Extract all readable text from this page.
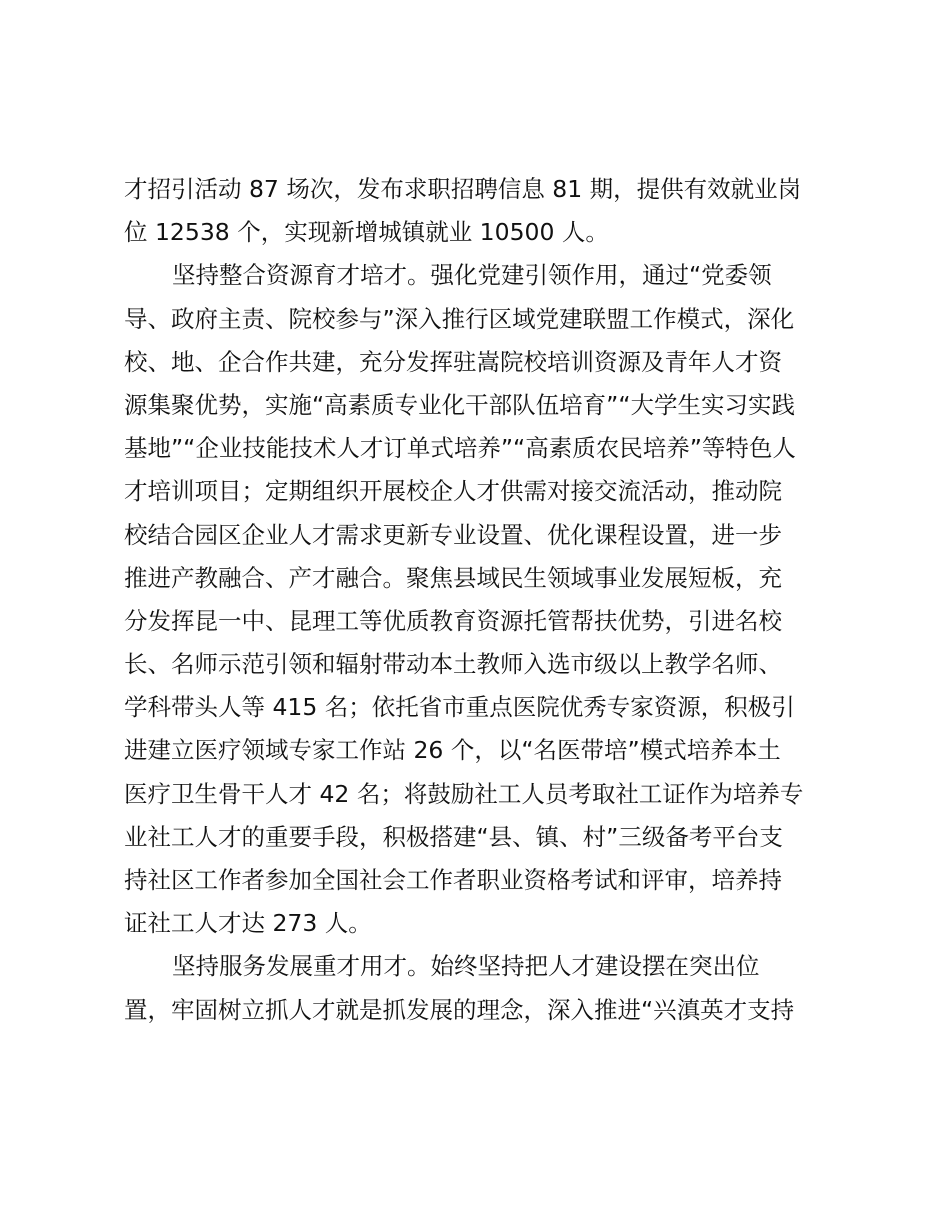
才招引活动 87 场次，发布求职招聘信息 81 期，提供有效就业岗
位 12538 个，实现新增城镇就业 10500 人。
坚持整合资源育才培才。强化党建引领作用，通过“党委领
导、政府主责、院校参与”深入推行区域党建联盟工作模式，深化
校、地、企合作共建，充分发挥驻嵩院校培训资源及青年人才资
源集聚优势，实施“高素质专业化干部队伍培育”“大学生实习实践
基地”“企业技能技术人才订单式培养”“高素质农民培养”等特色人
才培训项目；定期组织开展校企人才供需对接交流活动，推动院
校结合园区企业人才需求更新专业设置、优化课程设置，进一步
推进产教融合、产才融合。聚焦县域民生领域事业发展短板，充
分发挥昆一中、昆理工等优质教育资源托管帮扶优势，引进名校
长、名师示范引领和辐射带动本土教师入选市级以上教学名师、
学科带头人等 415 名；依托省市重点医院优秀专家资源，积极引
进建立医疗领域专家工作站 26 个，以“名医带培”模式培养本土
医疗卫生骨干人才 42 名；将鼓励社工人员考取社工证作为培养专
业社工人才的重要手段，积极搭建“县、镇、村”三级备考平台支
持社区工作者参加全国社会工作者职业资格考试和评审，培养持
证社工人才达 273 人。
坚持服务发展重才用才。始终坚持把人才建设摆在突出位
置，牢固树立抓人才就是抓发展的理念，深入推进“兴滇英才支持
